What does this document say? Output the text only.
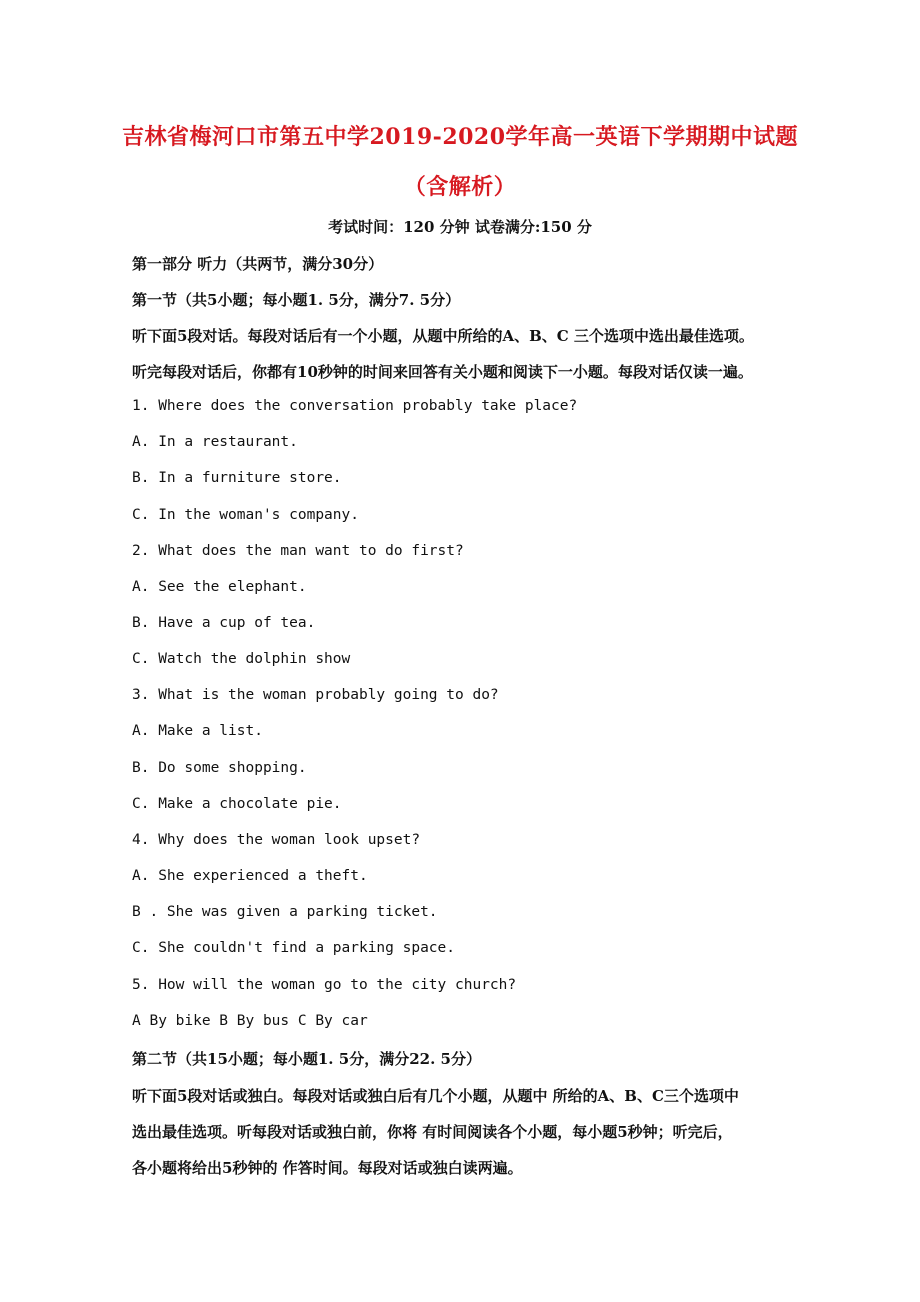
吉林省梅河口市第五中学2019-2020学年高一英语下学期期中试题
（含解析）
考试时间：120 分钟 试卷满分:150 分
第一部分 听力（共两节，满分30分）
第一节（共5小题；每小题1. 5分，满分7. 5分）
听下面5段对话。每段对话后有一个小题，从题中所给的A、B、C 三个选项中选出最佳选项。
听完每段对话后，你都有10秒钟的时间来回答有关小题和阅读下一小题。每段对话仅读一遍。
1. Where does the conversation probably take place?
A. In a restaurant.
B. In a furniture store.
C. In the woman's company.
2. What does the man want to do first?
A. See the elephant.
B. Have a cup of tea.
C. Watch the dolphin show
3. What is the woman probably going to do?
A. Make a list.
B. Do some shopping.
C. Make a chocolate pie.
4. Why does the woman look upset?
A. She experienced a theft.
B . She was given a parking ticket.
C. She couldn't find a parking space.
5. How will the woman go to the city church?
A By bike B By bus C By car
第二节（共15小题；每小题1. 5分，满分22. 5分）
听下面5段对话或独白。每段对话或独白后有几个小题，从题中 所给的A、B、C三个选项中
选出最佳选项。听每段对话或独白前，你将 有时间阅读各个小题，每小题5秒钟；听完后，
各小题将给出5秒钟的 作答时间。每段对话或独白读两遍。
